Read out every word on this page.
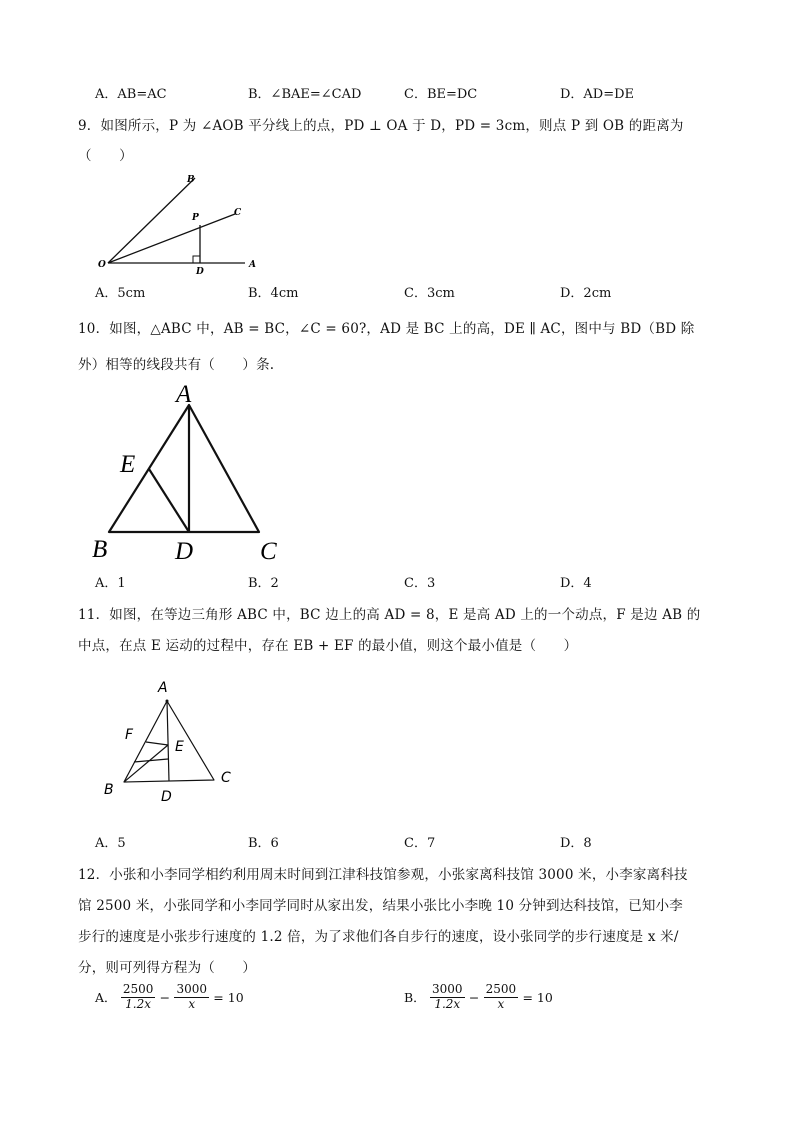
A．AB=AC	B．∠BAE=∠CAD	C．BE=DC	D．AD=DE
9．如图所示，P 为 ∠AOB 平分线上的点，PD ⊥ OA 于 D，PD = 3cm，则点 P 到 OB 的距离为
（　　）
B
C
P
O
D
A
A．5cm	B．4cm	C．3cm	D．2cm
10．如图，△ABC 中，AB = BC，∠C = 60?，AD 是 BC 上的高，DE ∥ AC，图中与 BD（BD 除
外）相等的线段共有（　　）条.
A
E
B	D	C
A．1	B．2	C．3	D．4
11．如图，在等边三角形 ABC 中，BC 边上的高 AD = 8，E 是高 AD 上的一个动点，F 是边 AB 的
中点，在点 E 运动的过程中，存在 EB + EF 的最小值，则这个最小值是（　　）
A
F
E
B
C
D
A．5	B．6	C．7	D．8
12．小张和小李同学相约利用周末时间到江津科技馆参观，小张家离科技馆 3000 米，小李家离科技
馆 2500 米，小张同学和小李同学同时从家出发，结果小张比小李晚 10 分钟到达科技馆，已知小李
步行的速度是小张步行速度的 1.2 倍，为了求他们各自步行的速度，设小张同学的步行速度是 x 米/
分，则可列得方程为（　　）
A． $\frac{2500}{1.2x} - \frac{3000}{x} = 10$	B． $\frac{3000}{1.2x} - \frac{2500}{x} = 10$
